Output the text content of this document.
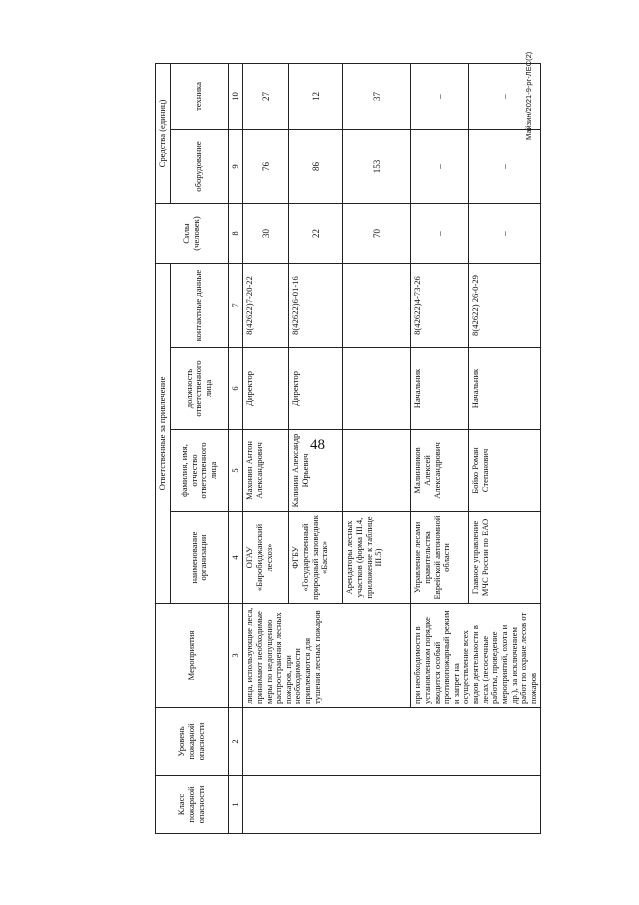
48
Майзин/2021-9-рг-ЛЕС(2)
Класс пожарной опасности	Уровень пожарной опасности	Мероприятия	Ответственные за привлечение				Силы (человек)	Средства (единиц)	
			наименование организации	фамилия, имя, отчество ответственного лица	должность ответственного лица	контактные данные		оборудование	техника
1	2	3	4	5	6	7	8	9	10
		лица, использующие леса, принимают необходимые меры по недопущению распространения лесных пожаров, при необходимости привлекаются для тушения лесных пожаров	ОГАУ «Биробиджанский лесхоз»	Махонин Антон Александрович	Директор	8(42622)7-20-22	30	76	27
			ФГБУ «Государственный природный заповедник «Бастак»	Калинин Александр Юрьевич	Директор	8(42622)6-01-16	22	86	12
			Арендаторы лесных участков (форма III.4, приложение к таблице III.5)				70	153	37
		при необходимости в установленном порядке вводится особый противопожарный режим и запрет на осуществление всех видов деятельности в лесах (лесосечные работы, проведение мероприятий, охота и др.), за исключением работ по охране лесов от пожаров	Управление лесами правительства Еврейской автономной области	Малинников Алексей Александрович	Начальник	8(42622)4-73-26	–	–	–
			Главное управление МЧС России по ЕАО	Бойко Роман Степанович	Начальник	8(42622) 26-0-29	–	–	–
